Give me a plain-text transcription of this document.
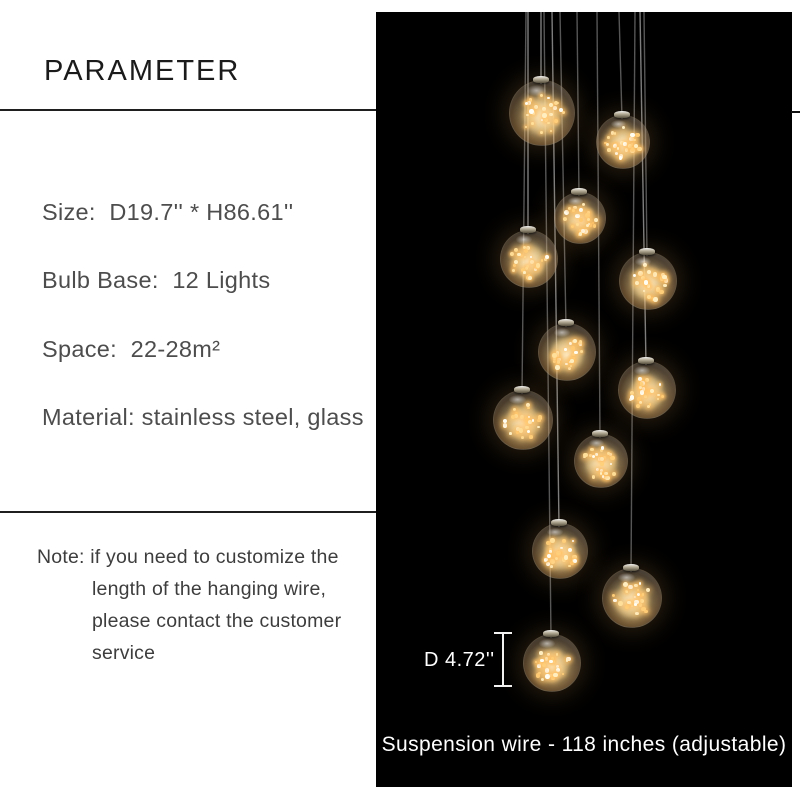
PARAMETER
Size:  D19.7'' * H86.61''
Bulb Base:  12 Lights
Space:  22-28m²
Material: stainless steel, glass
Note: if you need to customize the
length of the hanging wire,
please contact the customer
service	D 4.72''
Suspension wire - 118 inches (adjustable)
